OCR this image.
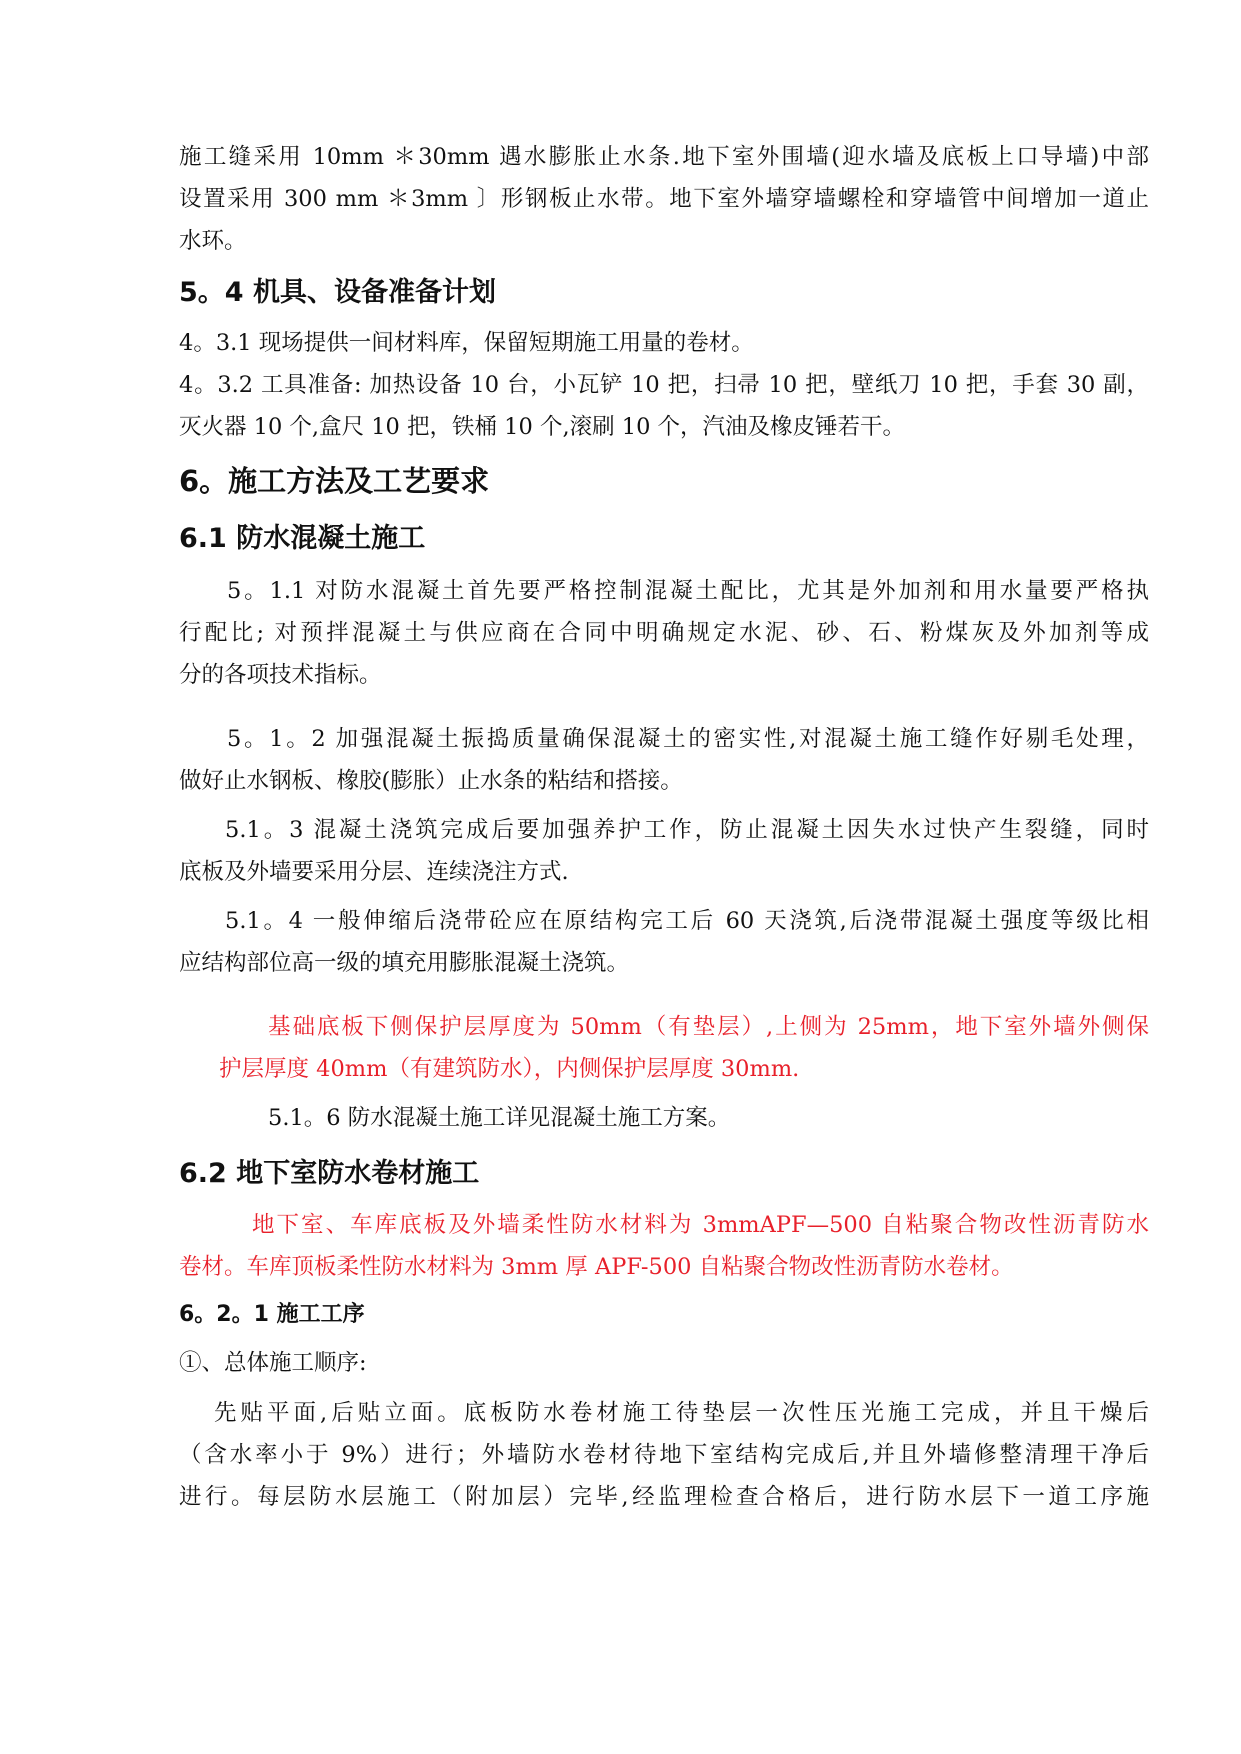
施工缝采用 10mm ＊30mm 遇水膨胀止水条.地下室外围墙(迎水墙及底板上口导墙)中部
设置采用 300 mm ＊3mm 〕形钢板止水带。地下室外墙穿墙螺栓和穿墙管中间增加一道止
水环。
5。4 机具、设备准备计划
4。3.1 现场提供一间材料库，保留短期施工用量的卷材。
4。3.2 工具准备: 加热设备 10 台，小瓦铲 10 把，扫帚 10 把，壁纸刀 10 把，手套 30 副，
灭火器 10 个,盒尺 10 把，铁桶 10 个,滚刷 10 个，汽油及橡皮锤若干。
6。施工方法及工艺要求
6.1 防水混凝土施工
5。1.1 对防水混凝土首先要严格控制混凝土配比，尤其是外加剂和用水量要严格执
行配比; 对预拌混凝土与供应商在合同中明确规定水泥、砂、石、粉煤灰及外加剂等成
分的各项技术指标。
5。1。2 加强混凝土振捣质量确保混凝土的密实性,对混凝土施工缝作好剔毛处理，
做好止水钢板、橡胶(膨胀）止水条的粘结和搭接。
5.1。3 混凝土浇筑完成后要加强养护工作，防止混凝土因失水过快产生裂缝，同时
底板及外墙要采用分层、连续浇注方式.
5.1。4 一般伸缩后浇带砼应在原结构完工后 60 天浇筑,后浇带混凝土强度等级比相
应结构部位高一级的填充用膨胀混凝土浇筑。
基础底板下侧保护层厚度为 50mm（有垫层）,上侧为 25mm，地下室外墙外侧保
护层厚度 40mm（有建筑防水），内侧保护层厚度 30mm.
5.1。6 防水混凝土施工详见混凝土施工方案。
6.2 地下室防水卷材施工
地下室、车库底板及外墙柔性防水材料为 3mmAPF—500 自粘聚合物改性沥青防水
卷材。车库顶板柔性防水材料为 3mm 厚 APF-500 自粘聚合物改性沥青防水卷材。
6。2。1 施工工序
①、总体施工顺序:
先贴平面,后贴立面。底板防水卷材施工待垫层一次性压光施工完成，并且干燥后
（含水率小于 9%）进行；外墙防水卷材待地下室结构完成后,并且外墙修整清理干净后
进行。每层防水层施工（附加层）完毕,经监理检查合格后，进行防水层下一道工序施
